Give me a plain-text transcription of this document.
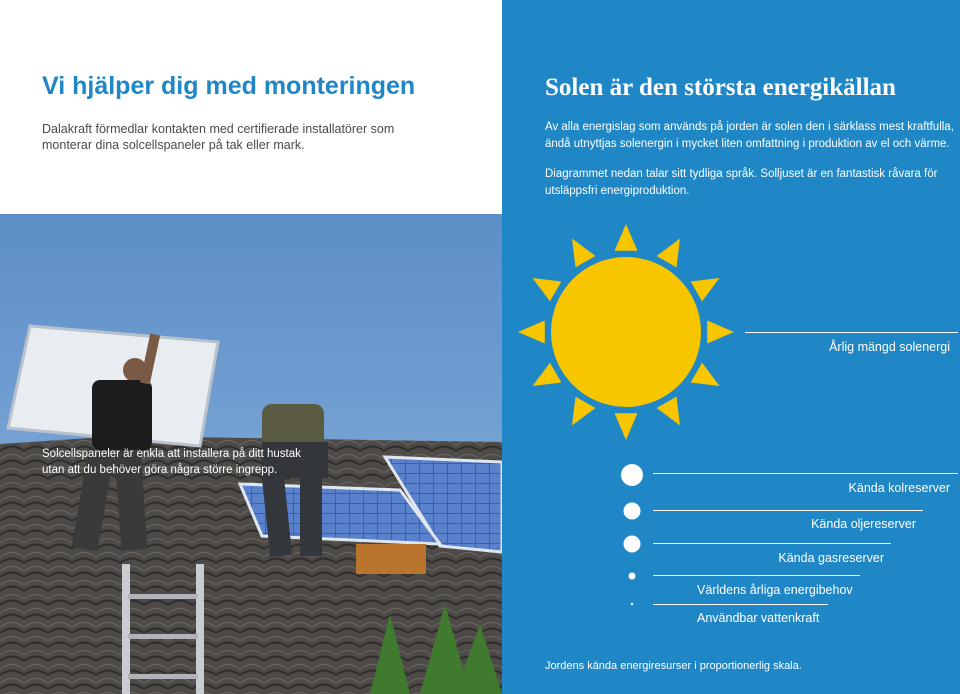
Vi hjälper dig med monteringen

Dalakraft förmedlar kontakten med certifierade installatörer som monterar dina solcellspaneler på tak eller mark.

Solen är den största energikällan

Av alla energislag som används på jorden är solen den i särklass mest kraftfulla, ändå utnyttjas solenergin i mycket liten omfattning i produktion av el och värme.

Diagrammet nedan talar sitt tydliga språk. Solljuset är en fantastisk råvara för utsläppsfri energiproduktion.

Solcellspaneler är enkla att installera på ditt hustak utan att du behöver göra några större ingrepp.

Årlig mängd solenergi
Kända kolreserver
Kända oljereserver
Kända gasreserver
Världens årliga energibehov
Användbar vattenkraft

Jordens kända energiresurser i proportionerlig skala.
